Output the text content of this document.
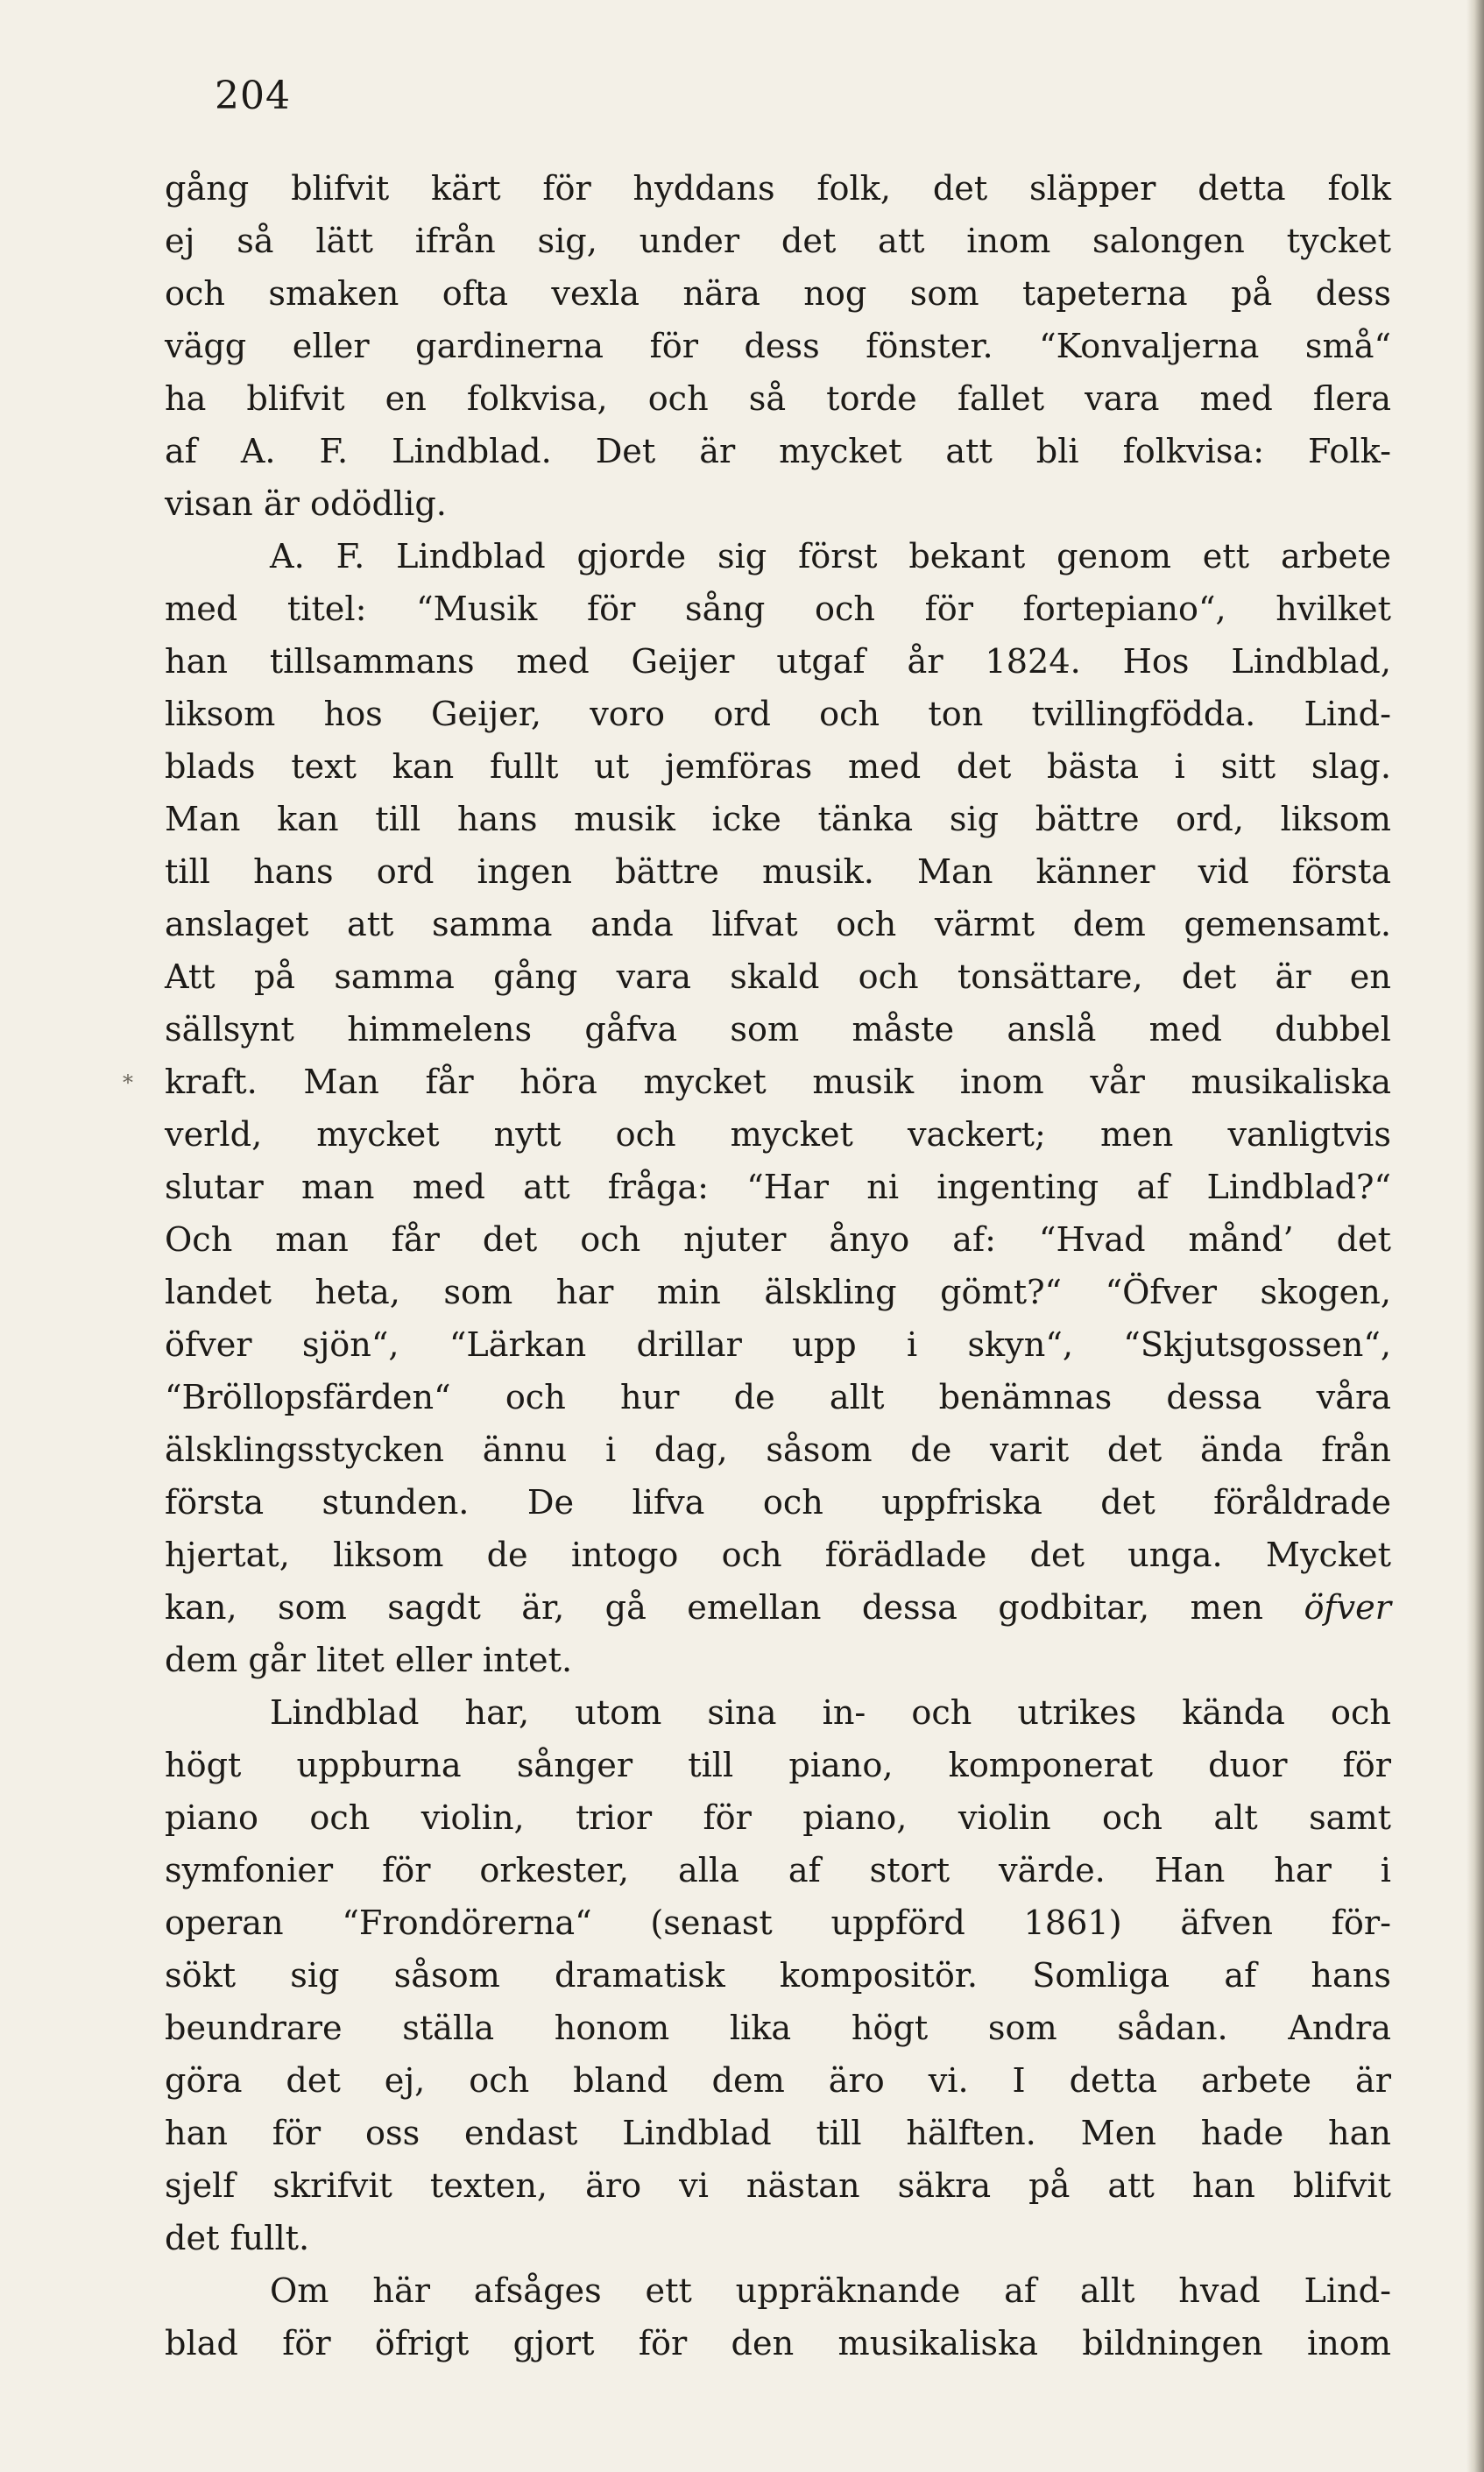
204
*
gång blifvit kärt för hyddans folk, det släpper detta folk
ej så lätt ifrån sig, under det att inom salongen tycket
och smaken ofta vexla nära nog som tapeterna på dess
vägg eller gardinerna för dess fönster. “Konvaljerna små“
ha blifvit en folkvisa, och så torde fallet vara med flera
af A. F. Lindblad. Det är mycket att bli folkvisa: Folk-
visan är odödlig.
A. F. Lindblad gjorde sig först bekant genom ett arbete
med titel: “Musik för sång och för fortepiano“, hvilket
han tillsammans med Geijer utgaf år 1824. Hos Lindblad,
liksom hos Geijer, voro ord och ton tvillingfödda. Lind-
blads text kan fullt ut jemföras med det bästa i sitt slag.
Man kan till hans musik icke tänka sig bättre ord, liksom
till hans ord ingen bättre musik. Man känner vid första
anslaget att samma anda lifvat och värmt dem gemensamt.
Att på samma gång vara skald och tonsättare, det är en
sällsynt himmelens gåfva som måste anslå med dubbel
kraft. Man får höra mycket musik inom vår musikaliska
verld, mycket nytt och mycket vackert; men vanligtvis
slutar man med att fråga: “Har ni ingenting af Lindblad?“
Och man får det och njuter ånyo af: “Hvad månd’ det
landet heta, som har min älskling gömt?“ “Öfver skogen,
öfver sjön“, “Lärkan drillar upp i skyn“, “Skjutsgossen“,
“Bröllopsfärden“ och hur de allt benämnas dessa våra
älsklingsstycken ännu i dag, såsom de varit det ända från
första stunden. De lifva och uppfriska det föråldrade
hjertat, liksom de intogo och förädlade det unga. Mycket
kan, som sagdt är, gå emellan dessa godbitar, men öfver
dem går litet eller intet.
Lindblad har, utom sina in- och utrikes kända och
högt uppburna sånger till piano, komponerat duor för
piano och violin, trior för piano, violin och alt samt
symfonier för orkester, alla af stort värde. Han har i
operan “Frondörerna“ (senast uppförd 1861) äfven för-
sökt sig såsom dramatisk kompositör. Somliga af hans
beundrare ställa honom lika högt som sådan. Andra
göra det ej, och bland dem äro vi. I detta arbete är
han för oss endast Lindblad till hälften. Men hade han
sjelf skrifvit texten, äro vi nästan säkra på att han blifvit
det fullt.
Om här afsåges ett uppräknande af allt hvad Lind-
blad för öfrigt gjort för den musikaliska bildningen inom
